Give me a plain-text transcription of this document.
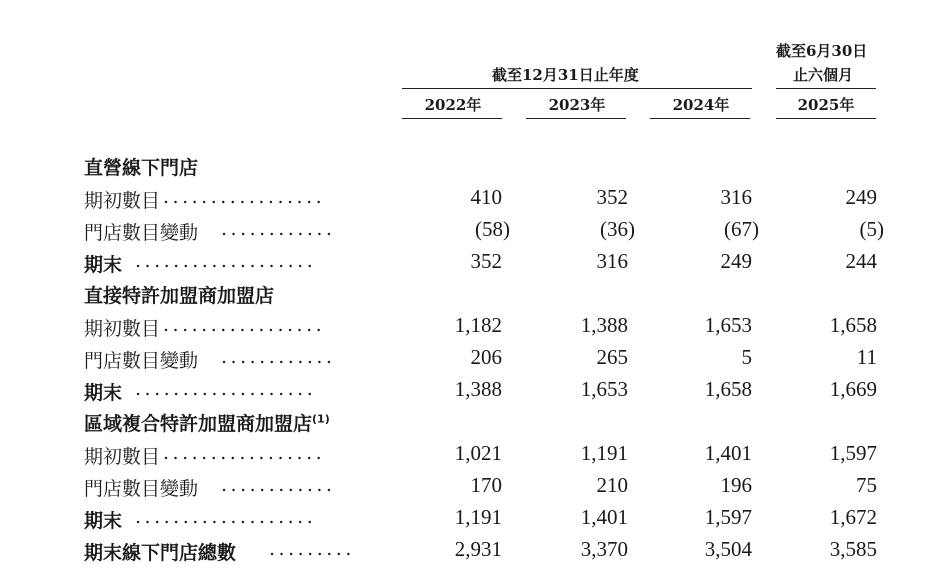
截至6月30日
止六個月
截至12月31日止年度
2022年	2023年	2024年	2025年
直營線下門店
期初數目 .................	410	352	316	249
門店數目變動 ............	(58)	(36)	(67)	(5)
期末 ...................	352	316	249	244
直接特許加盟商加盟店
期初數目 .................	1,182	1,388	1,653	1,658
門店數目變動 ............	206	265	5	11
期末 ...................	1,388	1,653	1,658	1,669
區域複合特許加盟商加盟店$^{(1)}$
期初數目 .................	1,021	1,191	1,401	1,597
門店數目變動 ............	170	210	196	75
期末 ...................	1,191	1,401	1,597	1,672
期末線下門店總數 .........	2,931	3,370	3,504	3,585
